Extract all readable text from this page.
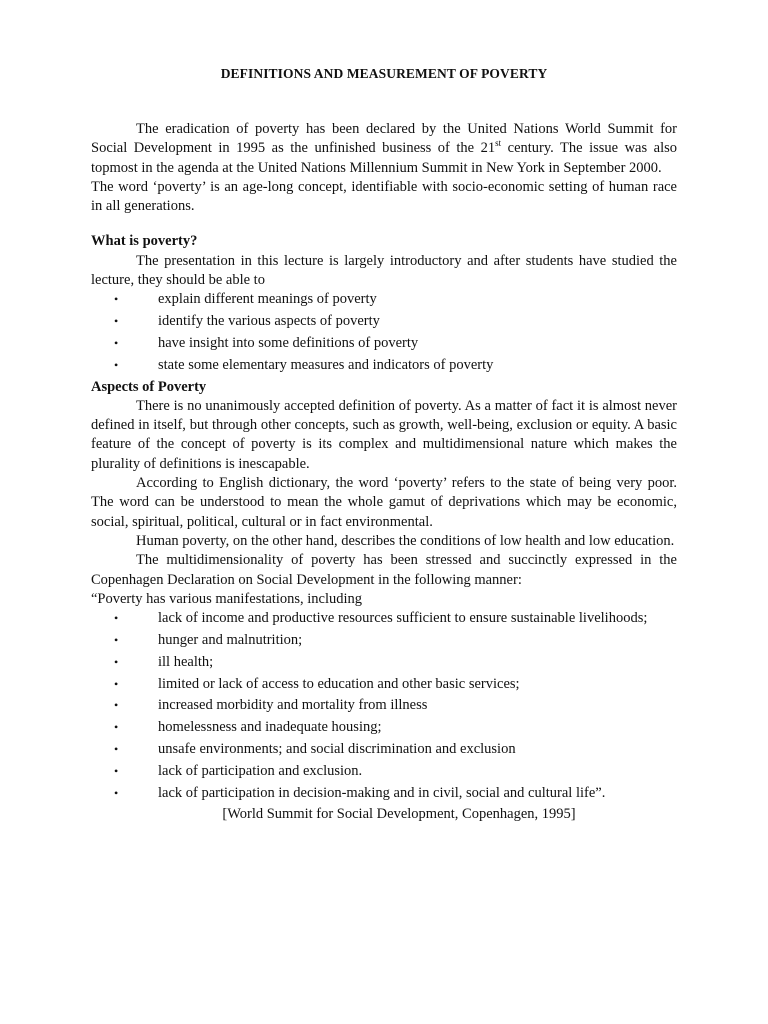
DEFINITIONS AND MEASUREMENT OF POVERTY

The eradication of poverty has been declared by the United Nations World Summit for Social Development in 1995 as the unfinished business of the 21st century. The issue was also topmost in the agenda at the United Nations Millennium Summit in New York in September 2000.

The word ‘poverty’ is an age-long concept, identifiable with socio-economic setting of human race in all generations.

What is poverty?

The presentation in this lecture is largely introductory and after students have studied the lecture, they should be able to

•	explain different meanings of poverty
•	identify the various aspects of poverty
•	have insight into some definitions of poverty
•	state some elementary measures and indicators of poverty

Aspects of Poverty

There is no unanimously accepted definition of poverty. As a matter of fact it is almost never defined in itself, but through other concepts, such as growth, well-being, exclusion or equity. A basic feature of the concept of poverty is its complex and multidimensional nature which makes the plurality of definitions is inescapable.

According to English dictionary, the word ‘poverty’ refers to the state of being very poor. The word can be understood to mean the whole gamut of deprivations which may be economic, social, spiritual, political, cultural or in fact environmental.

Human poverty, on the other hand, describes the conditions of low health and low education.

The multidimensionality of poverty has been stressed and succinctly expressed in the Copenhagen Declaration on Social Development in the following manner:

“Poverty has various manifestations, including

•	lack of income and productive resources sufficient to ensure sustainable livelihoods;
•	hunger and malnutrition;
•	ill health;
•	limited or lack of access to education and other basic services;
•	increased morbidity and mortality from illness
•	homelessness and inadequate housing;
•	unsafe environments; and social discrimination and exclusion
•	lack of participation and exclusion.
•	lack of participation in decision-making and in civil, social and cultural life”.

[World Summit for Social Development, Copenhagen, 1995]
